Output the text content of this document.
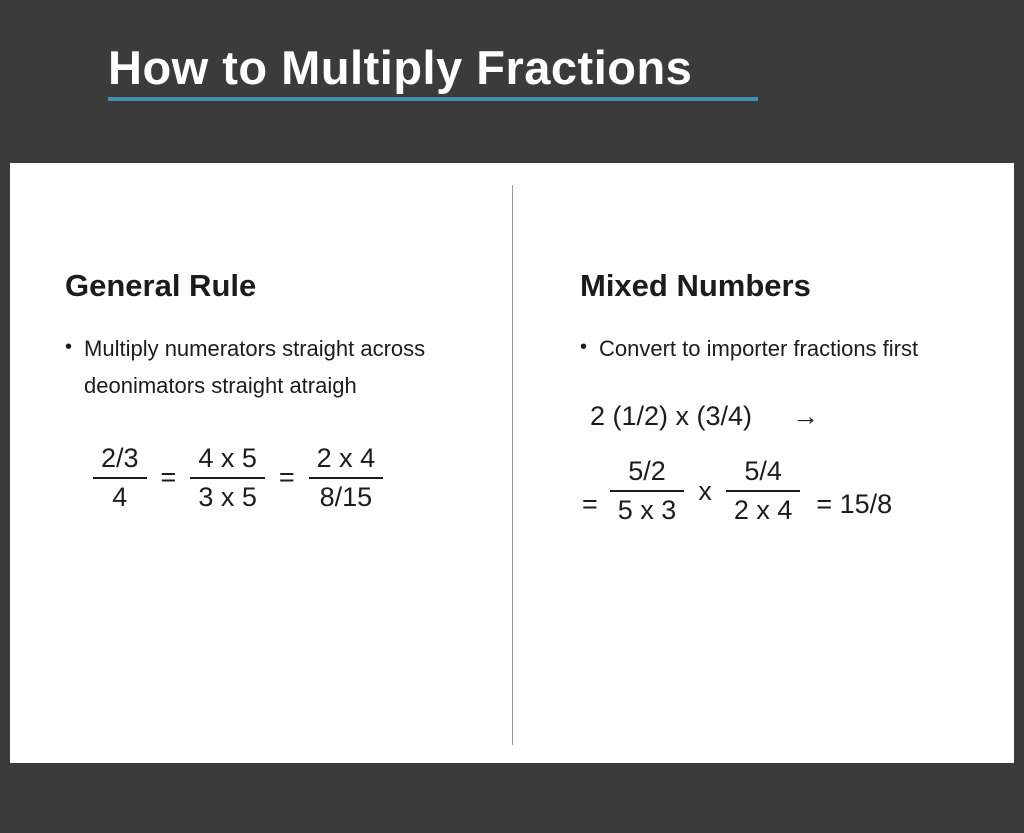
How to Multiply Fractions
General Rule
• Multiply numerators straight across deonimators straight atraigh
$\frac{2/3}{4} = \frac{4 x 5}{3 x 5} = \frac{2 x 4}{8/15}$
Mixed Numbers
• Convert to importer fractions first
2 (1/2) x (3/4) →
= $\frac{5/2}{5 x 3}$ x $\frac{5/4}{2 x 4} = 15/8$
